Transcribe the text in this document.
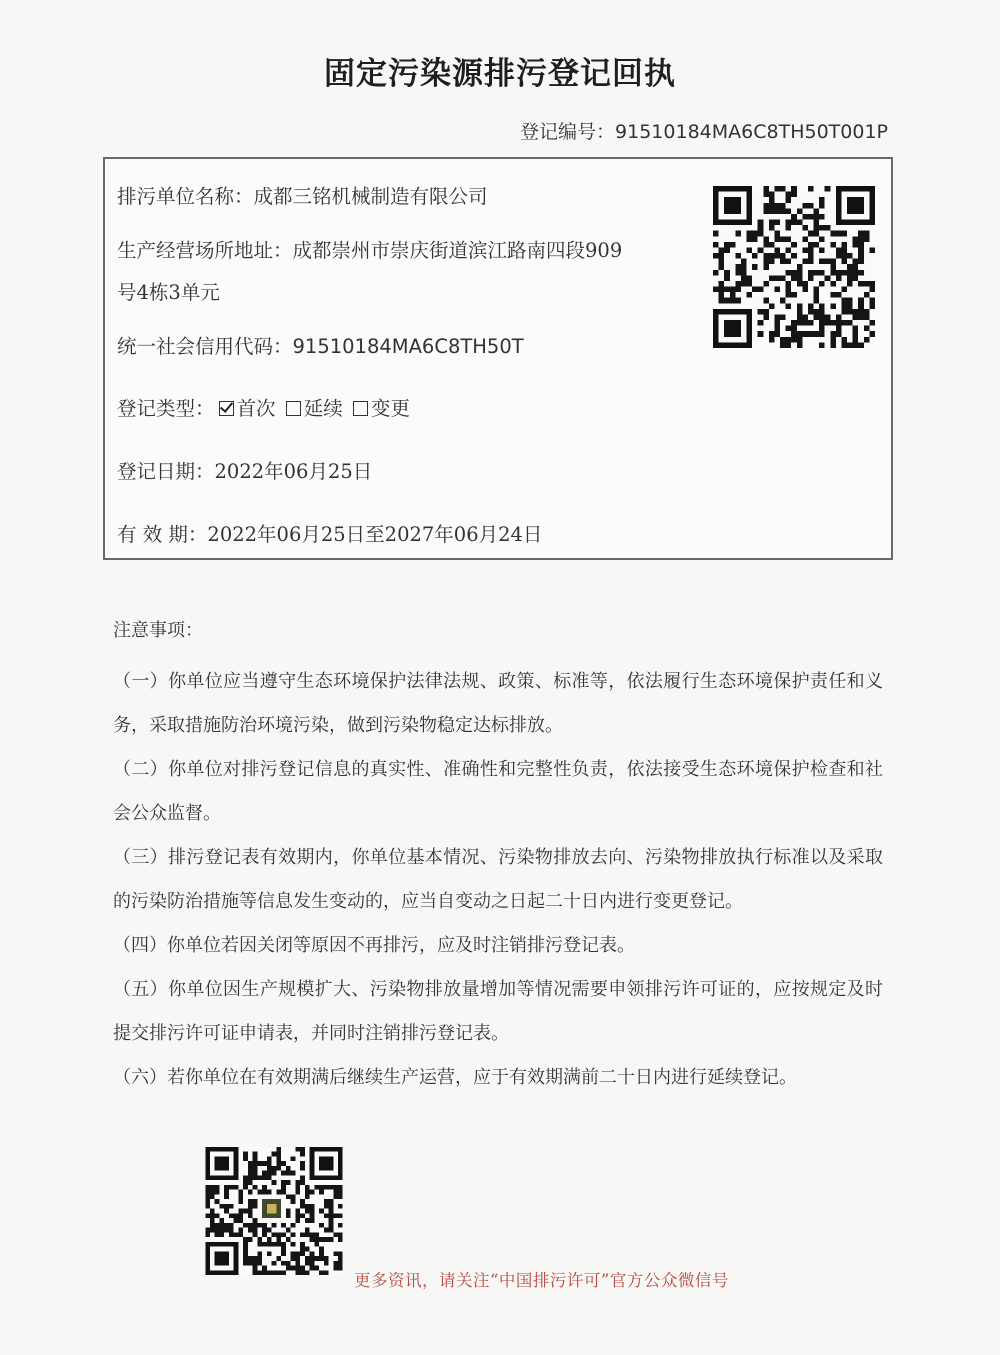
固定污染源排污登记回执
登记编号：91510184MA6C8TH50T001P
排污单位名称：成都三铭机械制造有限公司
生产经营场所地址：成都崇州市崇庆街道滨江路南四段909
号4栋3单元
统一社会信用代码：91510184MA6C8TH50T
登记类型： 首次 延续 变更
登记日期：2022年06月25日
有 效 期：2022年06月25日至2027年06月24日
注意事项：
（一）你单位应当遵守生态环境保护法律法规、政策、标准等，依法履行生态环境保护责任和义务，采取措施防治环境污染，做到污染物稳定达标排放。
（二）你单位对排污登记信息的真实性、准确性和完整性负责，依法接受生态环境保护检查和社会公众监督。
（三）排污登记表有效期内，你单位基本情况、污染物排放去向、污染物排放执行标准以及采取的污染防治措施等信息发生变动的，应当自变动之日起二十日内进行变更登记。
（四）你单位若因关闭等原因不再排污，应及时注销排污登记表。
（五）你单位因生产规模扩大、污染物排放量增加等情况需要申领排污许可证的，应按规定及时提交排污许可证申请表，并同时注销排污登记表。
（六）若你单位在有效期满后继续生产运营，应于有效期满前二十日内进行延续登记。
更多资讯，请关注“中国排污许可”官方公众微信号
